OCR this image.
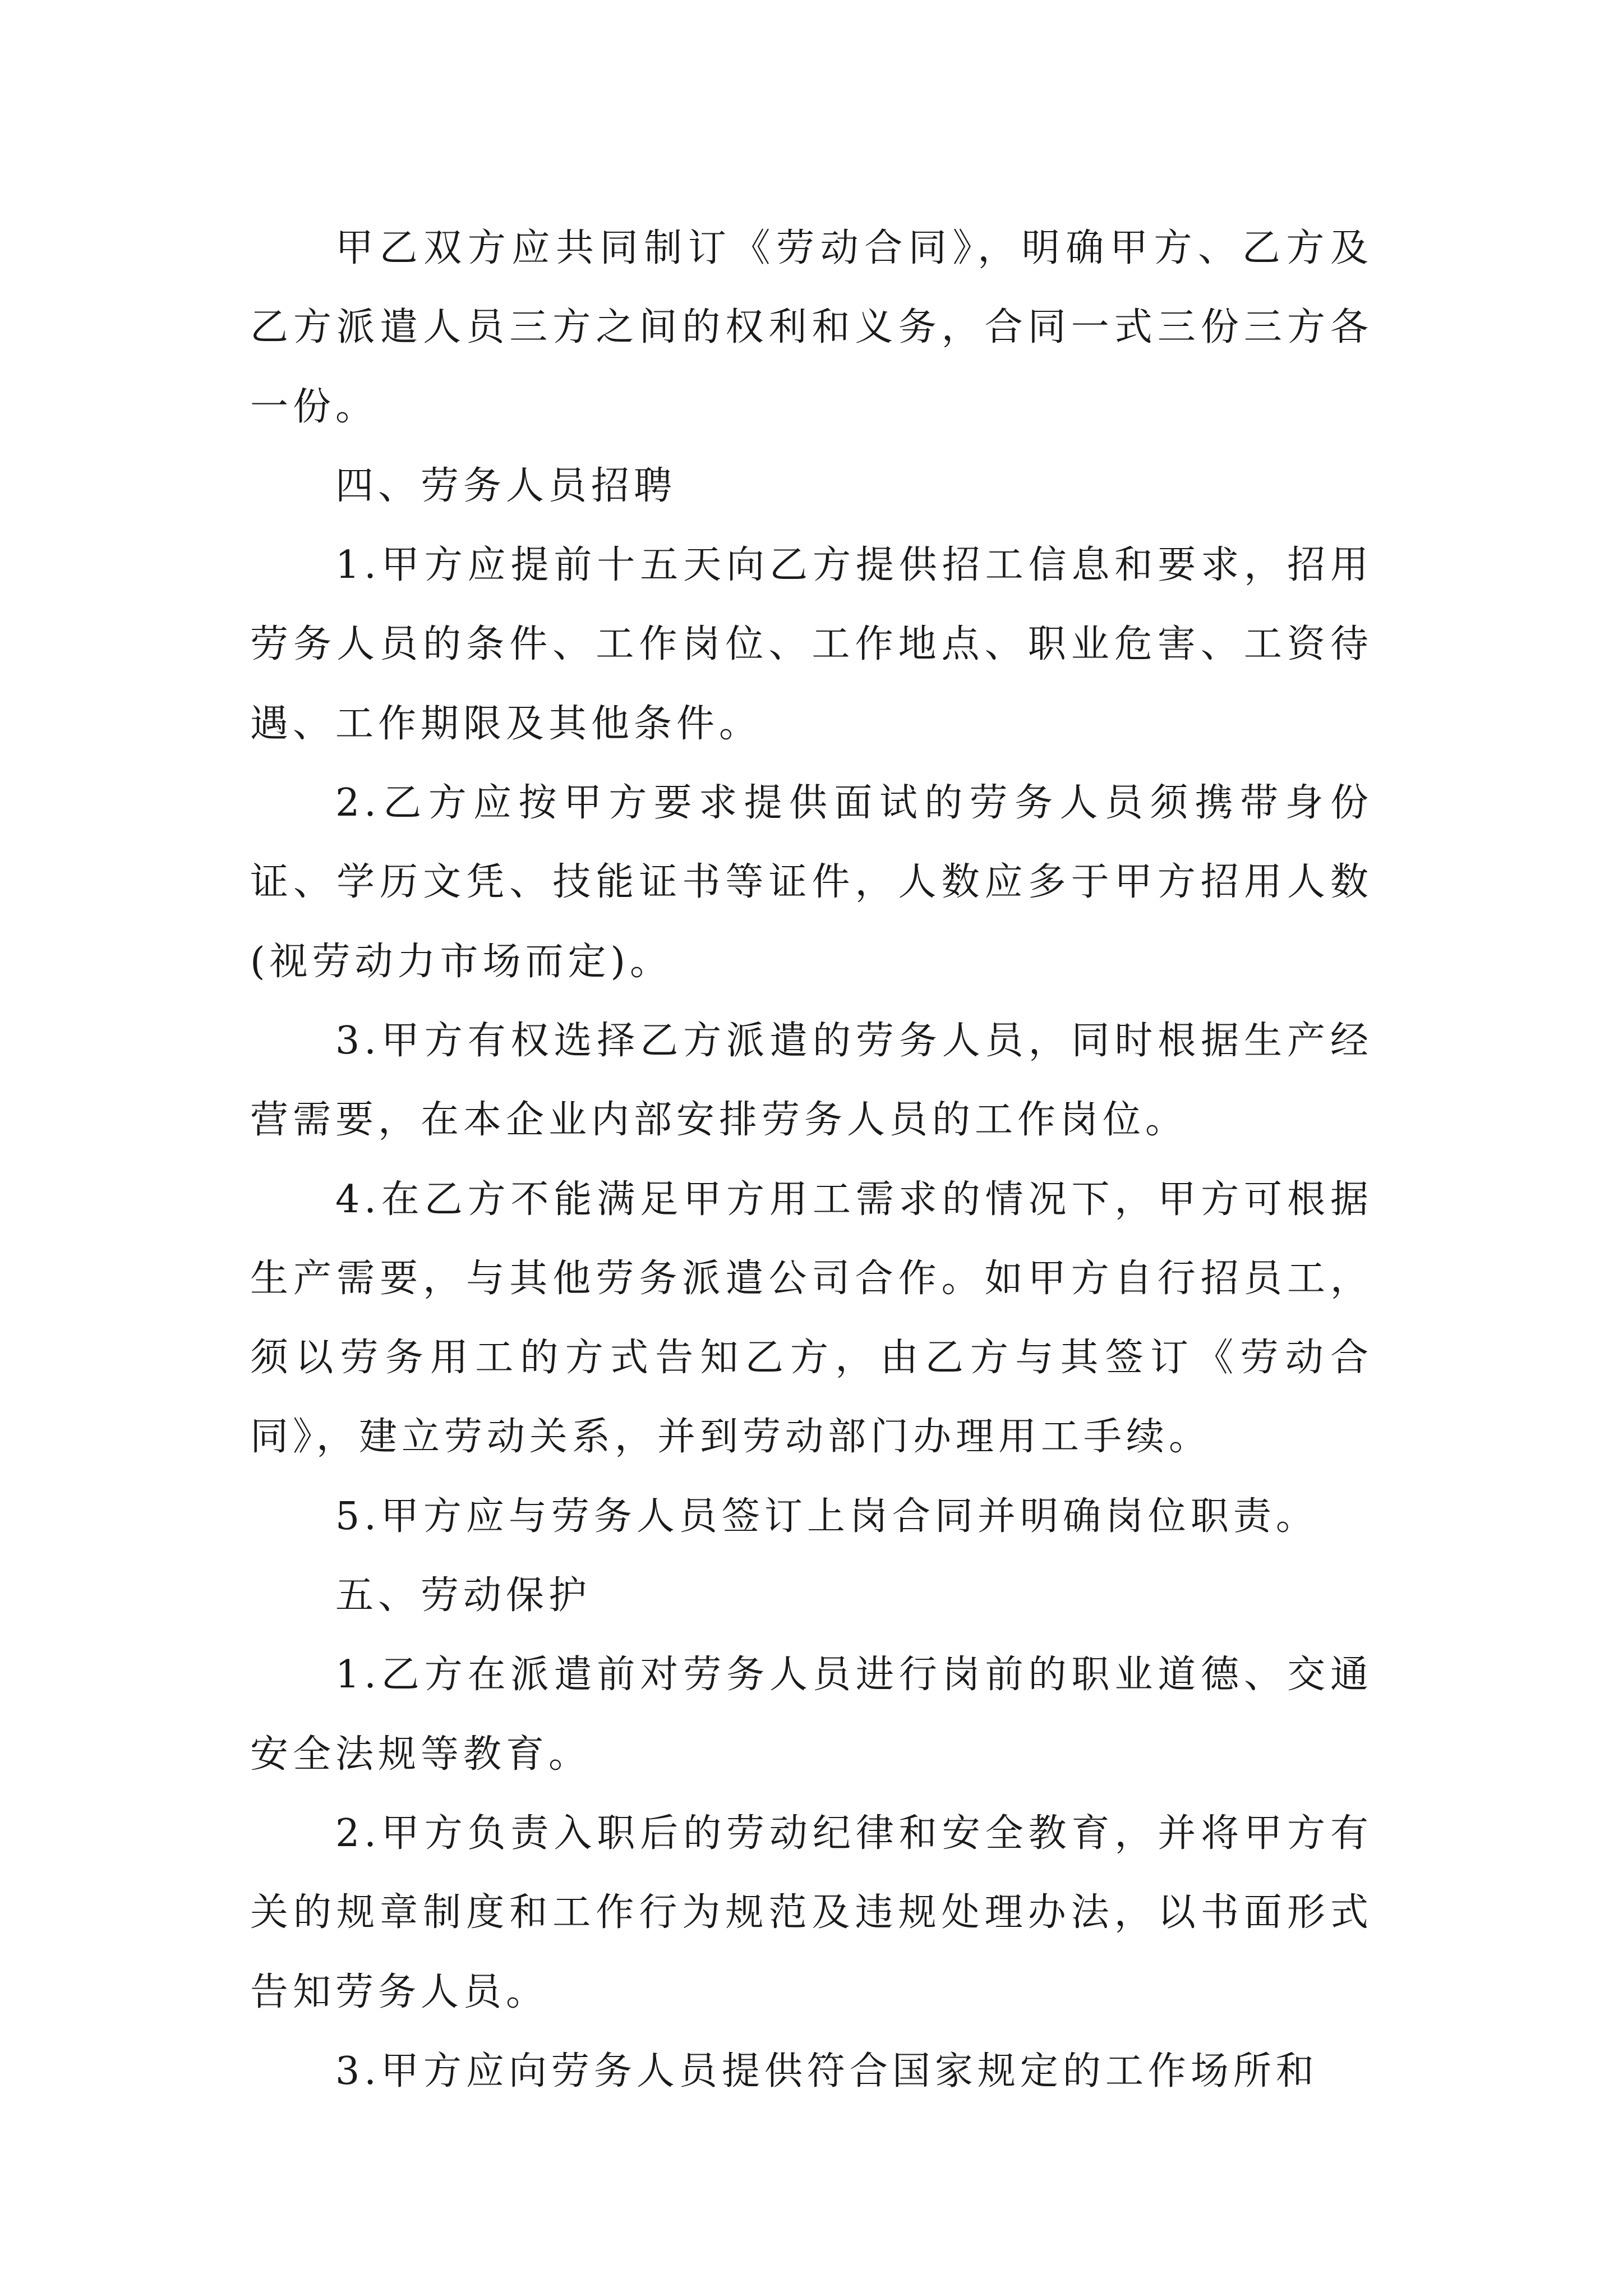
甲乙双方应共同制订《劳动合同》，明确甲方、乙方及乙方派遣人员三方之间的权利和义务，合同一式三份三方各一份。

四、劳务人员招聘

1.甲方应提前十五天向乙方提供招工信息和要求，招用劳务人员的条件、工作岗位、工作地点、职业危害、工资待遇、工作期限及其他条件。

2.乙方应按甲方要求提供面试的劳务人员须携带身份证、学历文凭、技能证书等证件，人数应多于甲方招用人数(视劳动力市场而定)。

3.甲方有权选择乙方派遣的劳务人员，同时根据生产经营需要，在本企业内部安排劳务人员的工作岗位。

4.在乙方不能满足甲方用工需求的情况下，甲方可根据生产需要，与其他劳务派遣公司合作。如甲方自行招员工，须以劳务用工的方式告知乙方，由乙方与其签订《劳动合同》，建立劳动关系，并到劳动部门办理用工手续。

5.甲方应与劳务人员签订上岗合同并明确岗位职责。

五、劳动保护

1.乙方在派遣前对劳务人员进行岗前的职业道德、交通安全法规等教育。

2.甲方负责入职后的劳动纪律和安全教育，并将甲方有关的规章制度和工作行为规范及违规处理办法，以书面形式告知劳务人员。

3.甲方应向劳务人员提供符合国家规定的工作场所和
